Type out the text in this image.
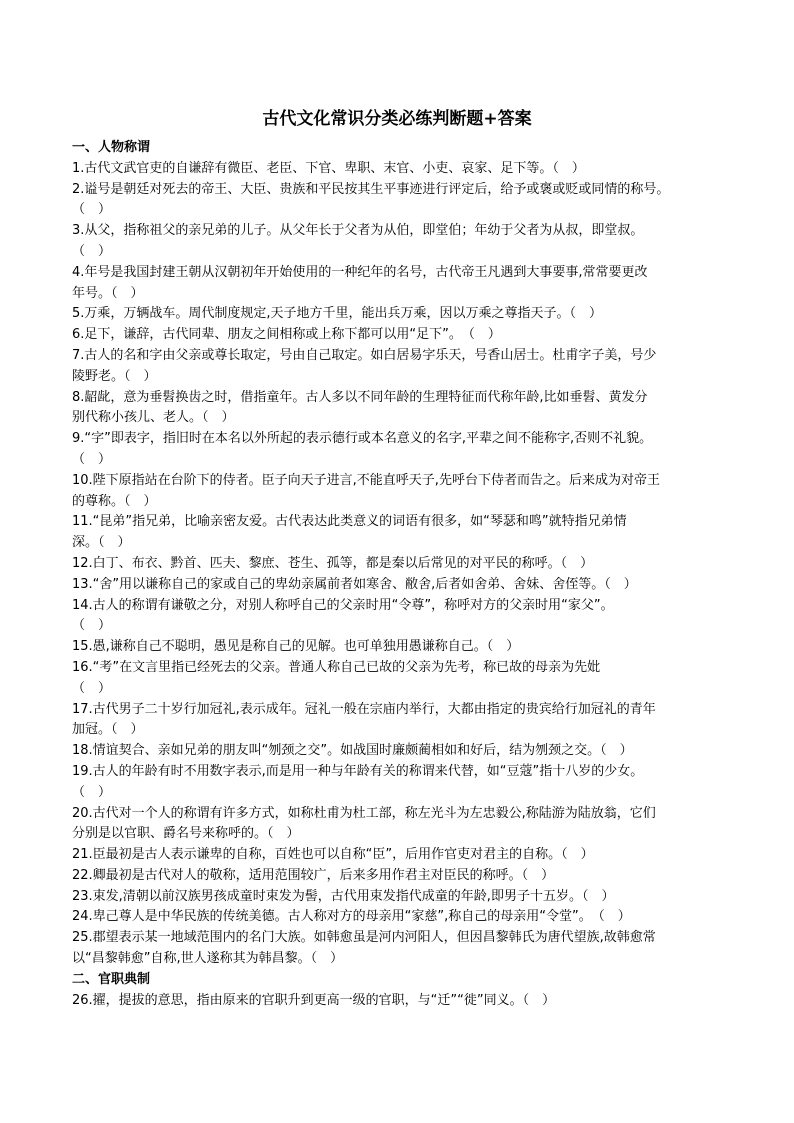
古代文化常识分类必练判断题+答案
一、人物称谓
1.古代文武官吏的自谦辞有微臣、老臣、下官、卑职、末官、小吏、哀家、足下等。（　）
2.谥号是朝廷对死去的帝王、大臣、贵族和平民按其生平事迹进行评定后，给予或褒或贬或同情的称号。
（　）
3.从父，指称祖父的亲兄弟的儿子。从父年长于父者为从伯，即堂伯；年幼于父者为从叔，即堂叔。
（　）
4.年号是我国封建王朝从汉朝初年开始使用的一种纪年的名号，古代帝王凡遇到大事要事,常常要更改
年号。（　）
5.万乘，万辆战车。周代制度规定,天子地方千里，能出兵万乘，因以万乘之尊指天子。（　）
6.足下，谦辞，古代同辈、朋友之间相称或上称下都可以用“足下”。　（　）
7.古人的名和字由父亲或尊长取定，号由自己取定。如白居易字乐天，号香山居士。杜甫字子美，号少
陵野老。（　）
8.龆龀，意为垂髫换齿之时，借指童年。古人多以不同年龄的生理特征而代称年龄,比如垂髫、黄发分
别代称小孩儿、老人。（　）
9.“字”即表字，指旧时在本名以外所起的表示德行或本名意义的名字,平辈之间不能称字,否则不礼貌。
（　）
10.陛下原指站在台阶下的侍者。臣子向天子进言,不能直呼天子,先呼台下侍者而告之。后来成为对帝王
的尊称。（　）
11.“昆弟”指兄弟，比喻亲密友爱。古代表达此类意义的词语有很多，如“琴瑟和鸣”就特指兄弟情
深。（　）
12.白丁、布衣、黔首、匹夫、黎庶、苍生、孤等，都是秦以后常见的对平民的称呼。（　）
13.“舍”用以谦称自己的家或自己的卑幼亲属前者如寒舍、敝舍,后者如舍弟、舍妹、舍侄等。（　）
14.古人的称谓有谦敬之分，对别人称呼自己的父亲时用“令尊”，称呼对方的父亲时用“家父”。
（　）
15.愚,谦称自己不聪明，愚见是称自己的见解。也可单独用愚谦称自己。（　）
16.“考”在文言里指已经死去的父亲。普通人称自己已故的父亲为先考，称已故的母亲为先妣
（　）
17.古代男子二十岁行加冠礼,表示成年。冠礼一般在宗庙内举行，大都由指定的贵宾给行加冠礼的青年
加冠。（　）
18.情谊契合、亲如兄弟的朋友叫“刎颈之交”。如战国时廉颇蔺相如和好后，结为刎颈之交。（　）
19.古人的年龄有时不用数字表示,而是用一种与年龄有关的称谓来代替，如“豆蔻”指十八岁的少女。
（　）
20.古代对一个人的称谓有许多方式，如称杜甫为杜工部，称左光斗为左忠毅公,称陆游为陆放翁，它们
分别是以官职、爵名号来称呼的。（　）
21.臣最初是古人表示谦卑的自称，百姓也可以自称“臣”，后用作官吏对君主的自称。（　）
22.卿最初是古代对人的敬称，适用范围较广，后来多用作君主对臣民的称呼。（　）
23.束发,清朝以前汉族男孩成童时束发为髻，古代用束发指代成童的年龄,即男子十五岁。（　）
24.卑己尊人是中华民族的传统美德。古人称对方的母亲用“家慈”,称自己的母亲用“令堂”。　（　）
25.郡望表示某一地域范围内的名门大族。如韩愈虽是河内河阳人，但因昌黎韩氏为唐代望族,故韩愈常
以“昌黎韩愈”自称,世人遂称其为韩昌黎。（　）
二、官职典制
26.擢，提拔的意思，指由原来的官职升到更高一级的官职，与“迁”“徙”同义。（　）
